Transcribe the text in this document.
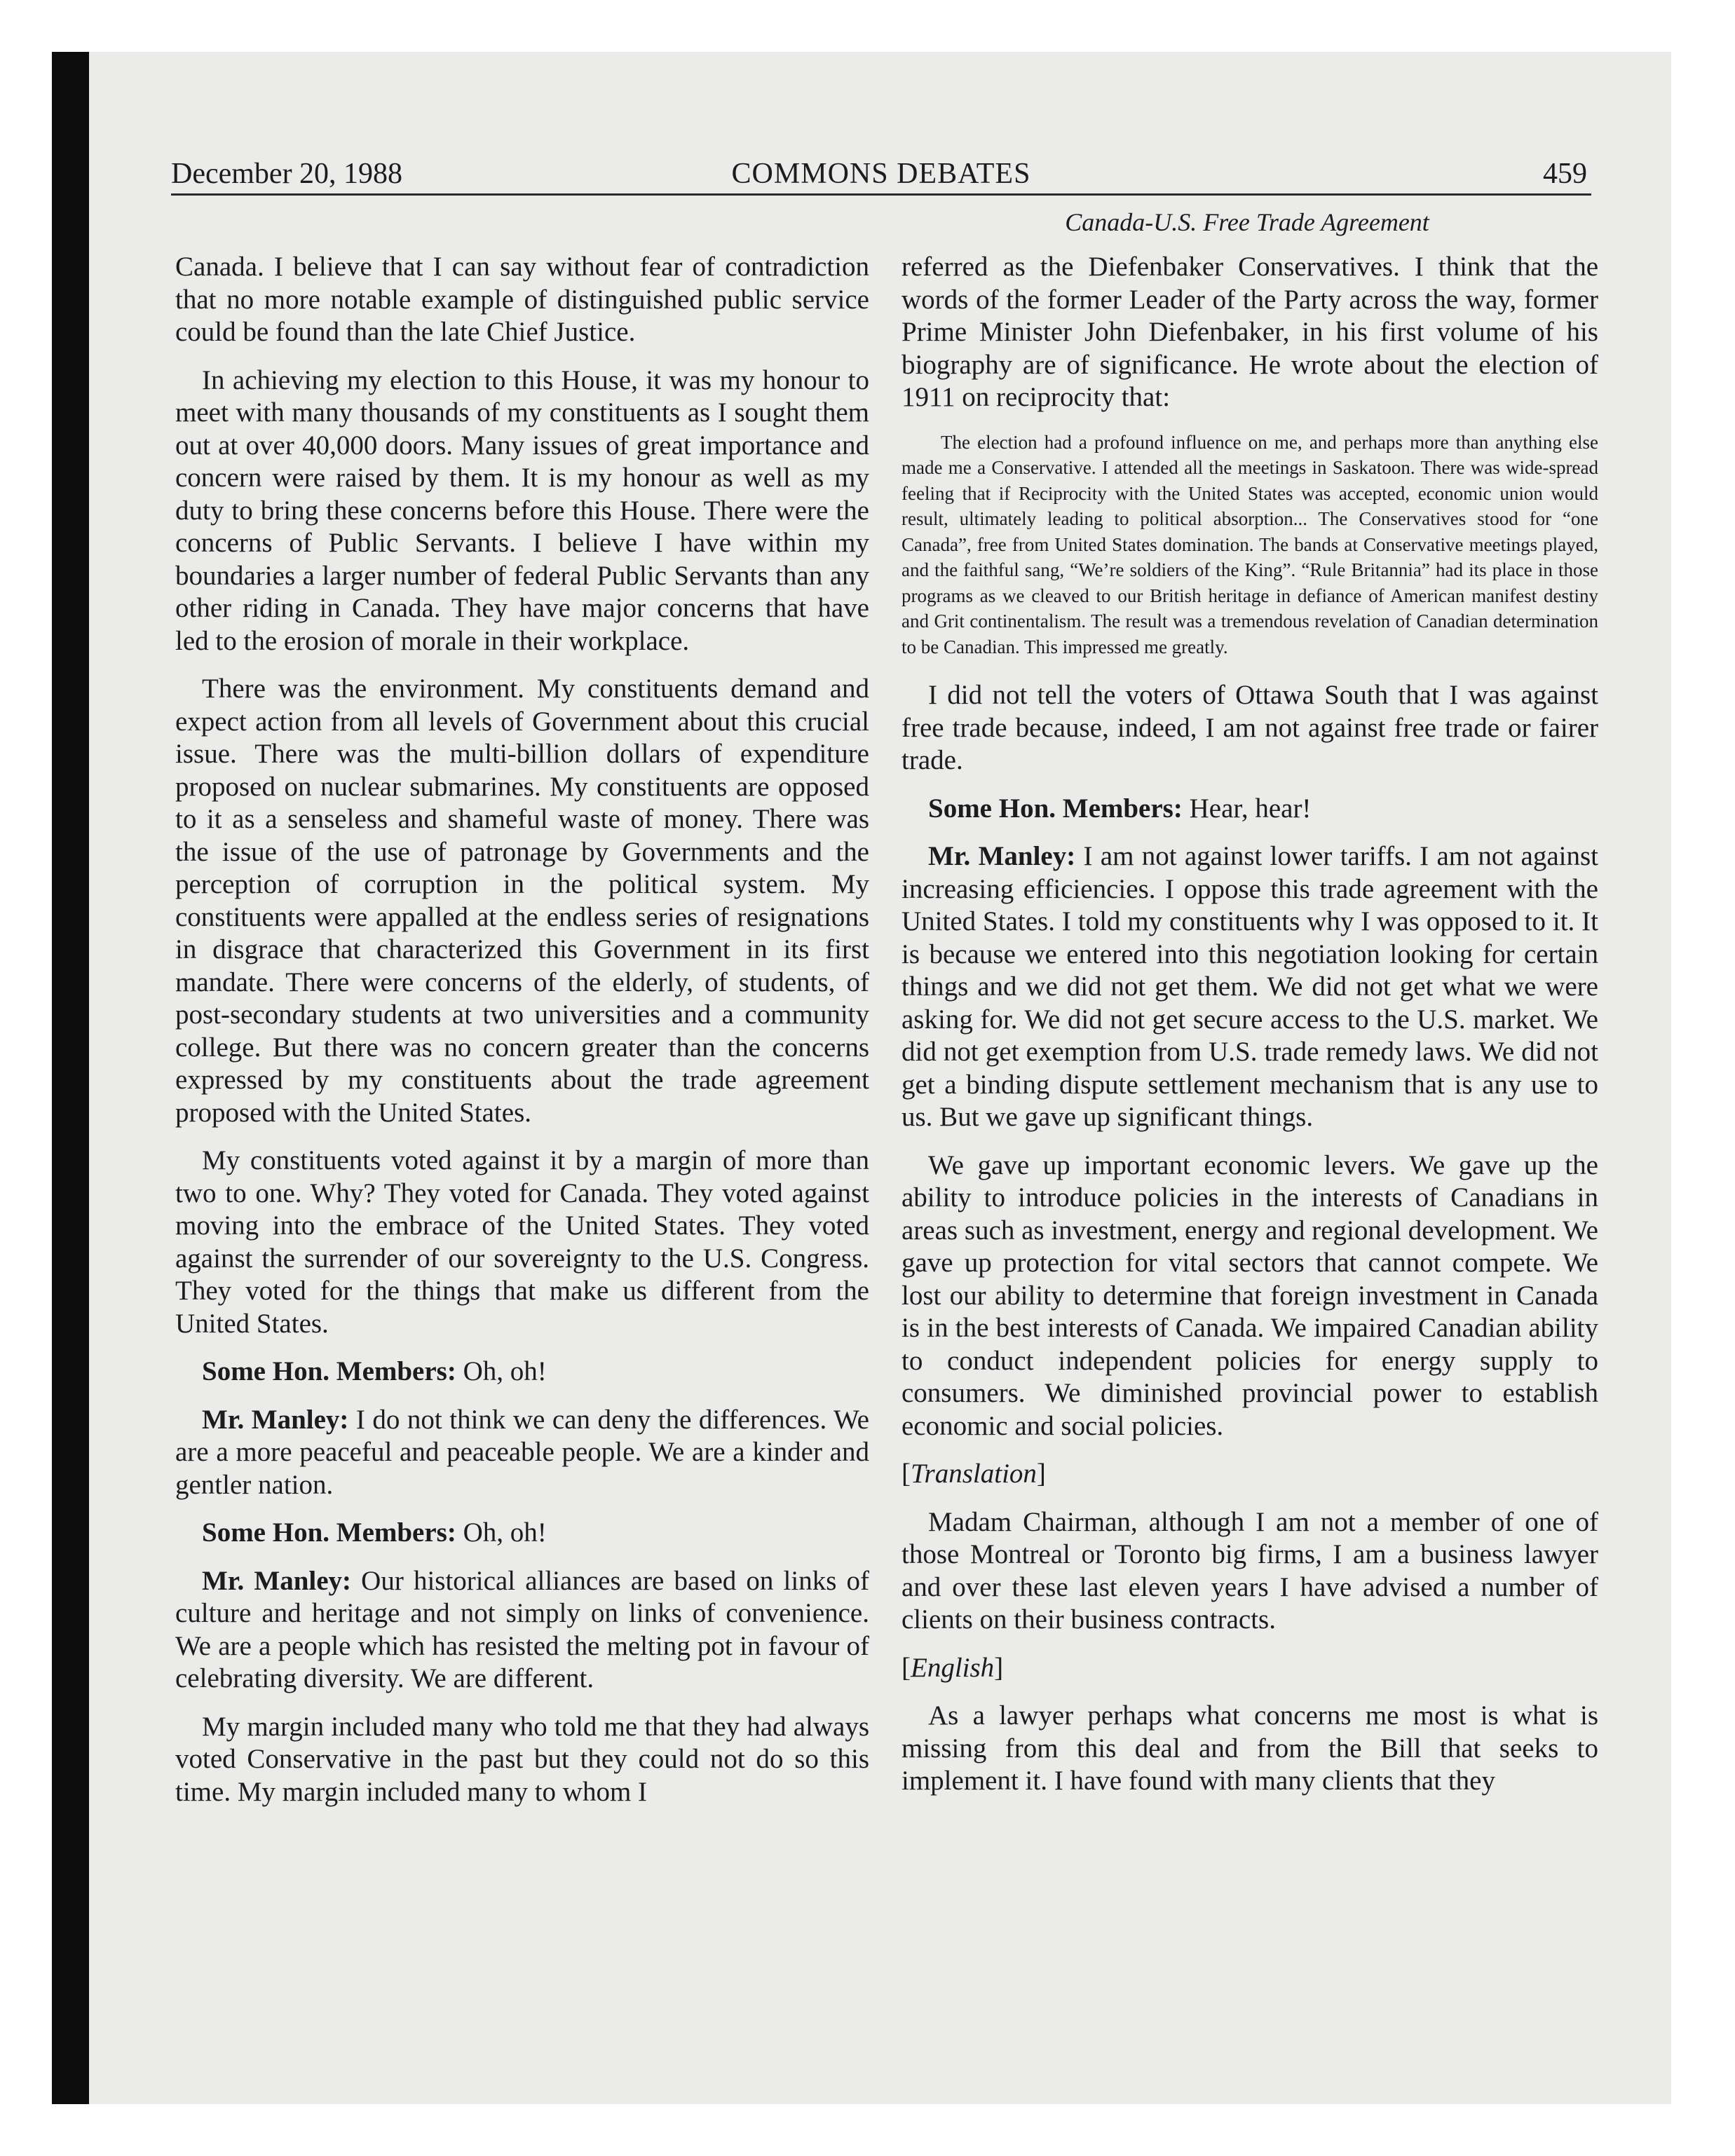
December 20, 1988	COMMONS DEBATES	459
Canada-U.S. Free Trade Agreement

Canada. I believe that I can say without fear of contradiction that no more notable example of distinguished public service could be found than the late Chief Justice.

In achieving my election to this House, it was my honour to meet with many thousands of my constituents as I sought them out at over 40,000 doors. Many issues of great importance and concern were raised by them. It is my honour as well as my duty to bring these concerns before this House. There were the concerns of Public Servants. I believe I have within my boundaries a larger number of federal Public Servants than any other riding in Canada. They have major concerns that have led to the erosion of morale in their workplace.

There was the environment. My constituents demand and expect action from all levels of Government about this crucial issue. There was the multi-billion dollars of expenditure proposed on nuclear submarines. My constituents are opposed to it as a senseless and shameful waste of money. There was the issue of the use of patronage by Governments and the perception of corruption in the political system. My constituents were appalled at the endless series of resignations in disgrace that characterized this Government in its first mandate. There were concerns of the elderly, of students, of post-secondary students at two universities and a community college. But there was no concern greater than the concerns expressed by my constituents about the trade agreement proposed with the United States.

My constituents voted against it by a margin of more than two to one. Why? They voted for Canada. They voted against moving into the embrace of the United States. They voted against the surrender of our sovereignty to the U.S. Congress. They voted for the things that make us different from the United States.

Some Hon. Members: Oh, oh!

Mr. Manley: I do not think we can deny the differences. We are a more peaceful and peaceable people. We are a kinder and gentler nation.

Some Hon. Members: Oh, oh!

Mr. Manley: Our historical alliances are based on links of culture and heritage and not simply on links of convenience. We are a people which has resisted the melting pot in favour of celebrating diversity. We are different.

My margin included many who told me that they had always voted Conservative in the past but they could not do so this time. My margin included many to whom I

referred as the Diefenbaker Conservatives. I think that the words of the former Leader of the Party across the way, former Prime Minister John Diefenbaker, in his first volume of his biography are of significance. He wrote about the election of 1911 on reciprocity that:

The election had a profound influence on me, and perhaps more than anything else made me a Conservative. I attended all the meetings in Saskatoon. There was wide-spread feeling that if Reciprocity with the United States was accepted, economic union would result, ultimately leading to political absorption... The Conservatives stood for “one Canada”, free from United States domination. The bands at Conservative meetings played, and the faithful sang, “We’re soldiers of the King”. “Rule Britannia” had its place in those programs as we cleaved to our British heritage in defiance of American manifest destiny and Grit continentalism. The result was a tremendous revelation of Canadian determination to be Canadian. This impressed me greatly.

I did not tell the voters of Ottawa South that I was against free trade because, indeed, I am not against free trade or fairer trade.

Some Hon. Members: Hear, hear!

Mr. Manley: I am not against lower tariffs. I am not against increasing efficiencies. I oppose this trade agreement with the United States. I told my constituents why I was opposed to it. It is because we entered into this negotiation looking for certain things and we did not get them. We did not get what we were asking for. We did not get secure access to the U.S. market. We did not get exemption from U.S. trade remedy laws. We did not get a binding dispute settlement mechanism that is any use to us. But we gave up significant things.

We gave up important economic levers. We gave up the ability to introduce policies in the interests of Canadians in areas such as investment, energy and regional development. We gave up protection for vital sectors that cannot compete. We lost our ability to determine that foreign investment in Canada is in the best interests of Canada. We impaired Canadian ability to conduct independent policies for energy supply to consumers. We diminished provincial power to establish economic and social policies.

[Translation]

Madam Chairman, although I am not a member of one of those Montreal or Toronto big firms, I am a business lawyer and over these last eleven years I have advised a number of clients on their business contracts.

[English]

As a lawyer perhaps what concerns me most is what is missing from this deal and from the Bill that seeks to implement it. I have found with many clients that they
